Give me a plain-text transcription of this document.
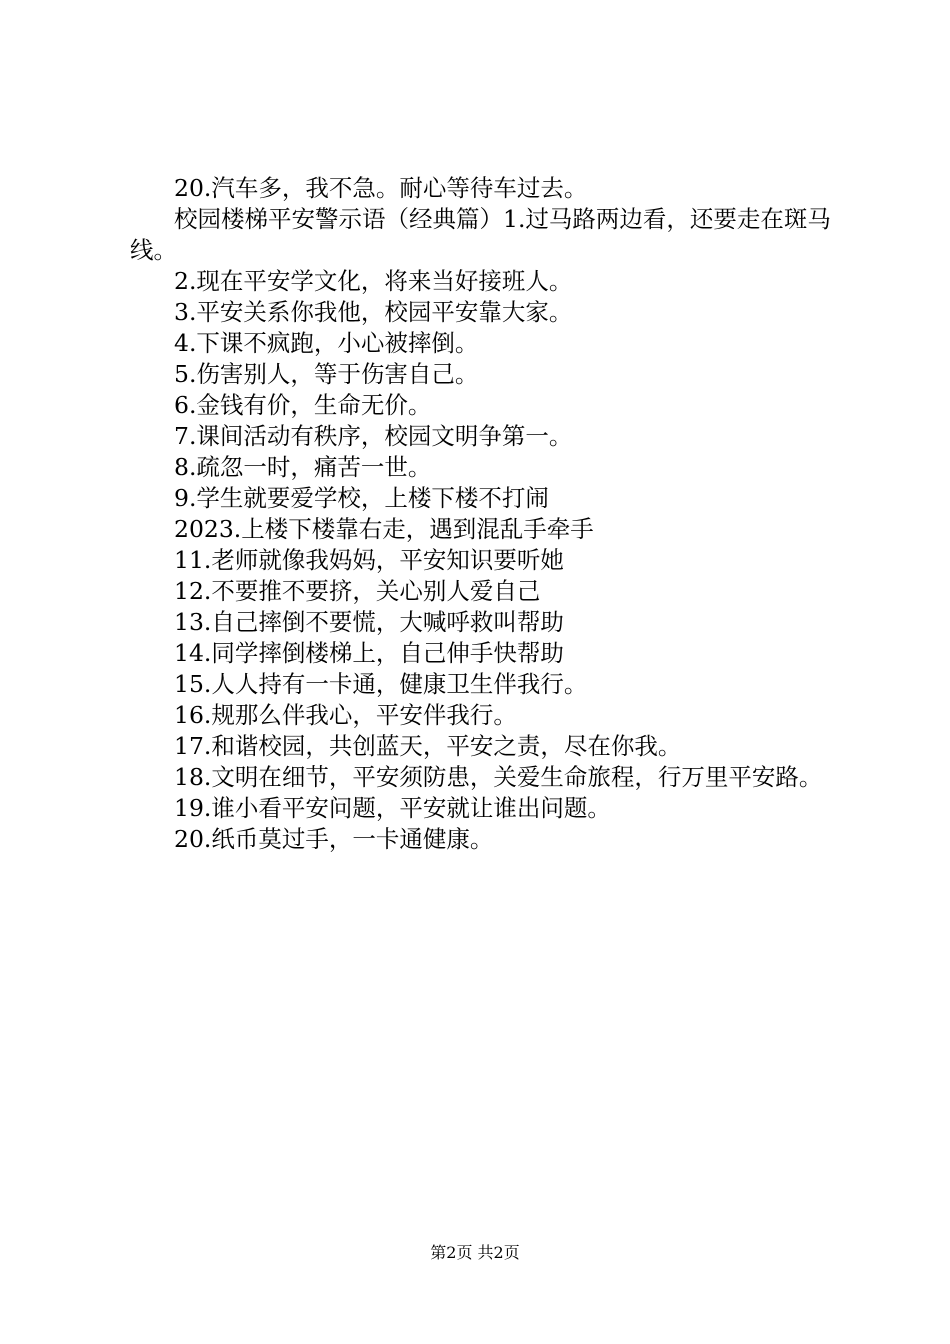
20.汽车多，我不急。耐心等待车过去。

校园楼梯平安警示语（经典篇）1.过马路两边看，还要走在斑马线。

2.现在平安学文化，将来当好接班人。

3.平安关系你我他，校园平安靠大家。

4.下课不疯跑，小心被摔倒。

5.伤害别人，等于伤害自己。

6.金钱有价，生命无价。

7.课间活动有秩序，校园文明争第一。

8.疏忽一时，痛苦一世。

9.学生就要爱学校，上楼下楼不打闹

2023.上楼下楼靠右走，遇到混乱手牵手

11.老师就像我妈妈，平安知识要听她

12.不要推不要挤，关心别人爱自己

13.自己摔倒不要慌，大喊呼救叫帮助

14.同学摔倒楼梯上，自己伸手快帮助

15.人人持有一卡通，健康卫生伴我行。

16.规那么伴我心，平安伴我行。

17.和谐校园，共创蓝天，平安之责，尽在你我。

18.文明在细节，平安须防患，关爱生命旅程，行万里平安路。

19.谁小看平安问题，平安就让谁出问题。

20.纸币莫过手，一卡通健康。

第2页 共2页
